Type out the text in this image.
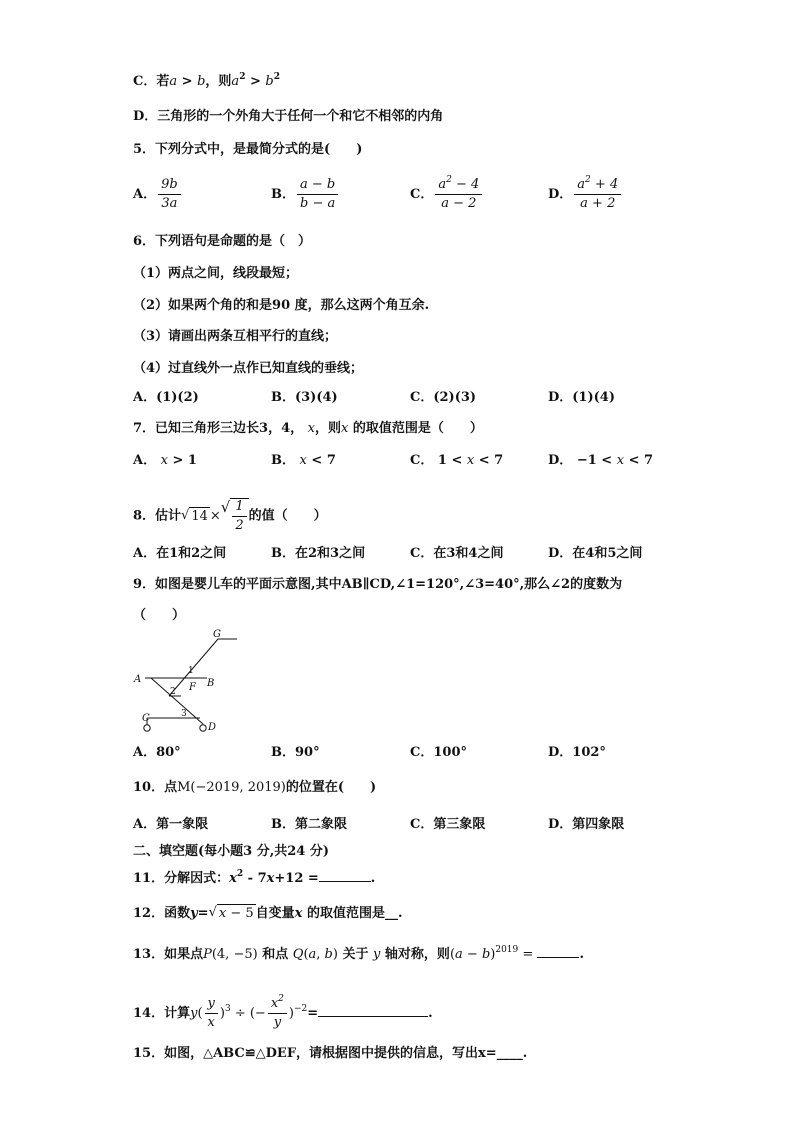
C．若a > b，则$a^2 > b^2$
D．三角形的一个外角大于任何一个和它不相邻的内角
5．下列分式中，是最简分式的是(　　)
A． $\frac{9b}{3a}$	B． $\frac{a - b}{b - a}$	C． $\frac{a^2 - 4}{a - 2}$	D． $\frac{a^2 + 4}{a + 2}$
6．下列语句是命题的是（　）
（1）两点之间，线段最短；
（2）如果两个角的和是90 度，那么这两个角互余.
（3）请画出两条互相平行的直线；
（4）过直线外一点作已知直线的垂线；
A．(1)(2)	B．(3)(4)	C．(2)(3)	D．(1)(4)
7．已知三角形三边长3，4， x，则x 的取值范围是（　　）
A． x > 1	B． x < 7	C． 1 < x < 7	D． −1 < x < 7
8．估计√ 14 ×√ $\frac{1}{2}$ 的值（　　）
A．在1和2之间	B．在2和3之间	C．在3和4之间	D．在4和5之间
9．如图是婴儿车的平面示意图,其中AB∥CD,∠1=120°,∠3=40°,那么∠2的度数为
（　　）
G
A	B
F
C
D
1
2
3
A．80°	B．90°	C．100°	D．102°
10．点M(−2019, 2019)的位置在(　　)
A．第一象限	B．第二象限	C．第三象限	D．第四象限
二、填空题(每小题3 分,共24 分)
11．分解因式：$x^2 - 7x+12$ =	.
12．函数y=√ x − 5 自变量x 的取值范围是__.
13．如果点P(4, −5) 和点 Q(a, b) 关于 y 轴对称，则$(a - b)^{2019}$ =	.
14．计算$y( \frac{y}{x} )^3$ ÷ (− $\frac{x^2}{y} )^{-2}=$	.
15．如图，△ABC≌△DEF，请根据图中提供的信息，写出x=____.
